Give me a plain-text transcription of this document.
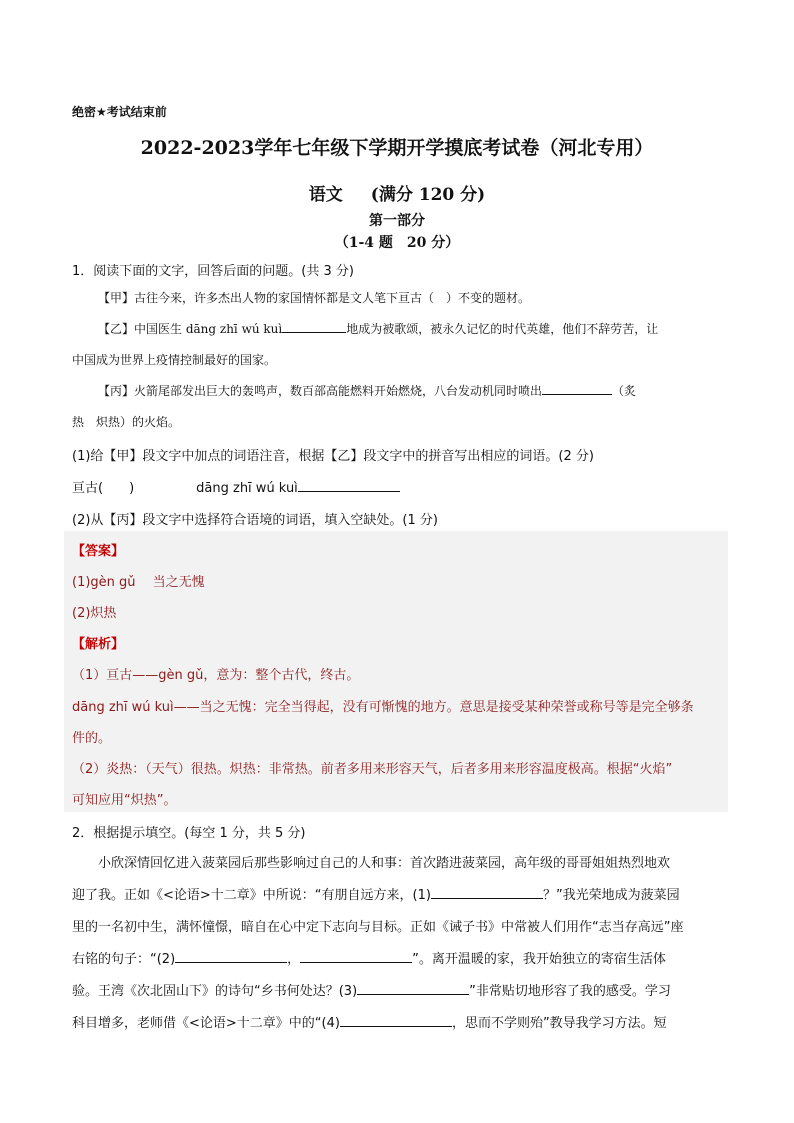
绝密★考试结束前
2022-2023学年七年级下学期开学摸底考试卷（河北专用）
语文 (满分 120 分)
第一部分
（1-4 题　20 分）
1．阅读下面的文字，回答后面的问题。(共 3 分)
【甲】古往今来，许多杰出人物的家国情怀都是文人笔下亘古（　）不变的题材。
【乙】中国医生 dāng zhī wú kuì	地成为被歌颂，被永久记忆的时代英雄，他们不辞劳苦，让
中国成为世界上疫情控制最好的国家。
【丙】火箭尾部发出巨大的轰鸣声，数百部高能燃料开始燃烧，八台发动机同时喷出	（炙
热　炽热）的火焰。
(1)给【甲】段文字中加点的词语注音，根据【乙】段文字中的拼音写出相应的词语。(2 分)
亘古(　　)	dāng zhī wú kuì
(2)从【丙】段文字中选择符合语境的词语，填入空缺处。(1 分)
【答案】
(1)gèn gǔ　 当之无愧
(2)炽热
【解析】
（1）亘古——gèn gǔ，意为：整个古代，终古。
dāng zhī wú kuì——当之无愧：完全当得起，没有可惭愧的地方。意思是接受某种荣誉或称号等是完全够条
件的。
（2）炎热：（天气）很热。炽热：非常热。前者多用来形容天气，后者多用来形容温度极高。根据“火焰”
可知应用“炽热”。
2．根据提示填空。(每空 1 分，共 5 分)
小欣深情回忆进入菠菜园后那些影响过自己的人和事：首次踏进菠菜园，高年级的哥哥姐姐热烈地欢
迎了我。正如《<论语>十二章》中所说：“有朋自远方来，(1)	？”我光荣地成为菠菜园
里的一名初中生，满怀憧憬，暗自在心中定下志向与目标。正如《诫子书》中常被人们用作“志当存高远”座
右铭的句子：“(2)	，	”。离开温暖的家，我开始独立的寄宿生活体
验。王湾《次北固山下》的诗句“乡书何处达？(3)	”非常贴切地形容了我的感受。学习
科目增多，老师借《<论语>十二章》中的“(4)	，思而不学则殆”教导我学习方法。短
